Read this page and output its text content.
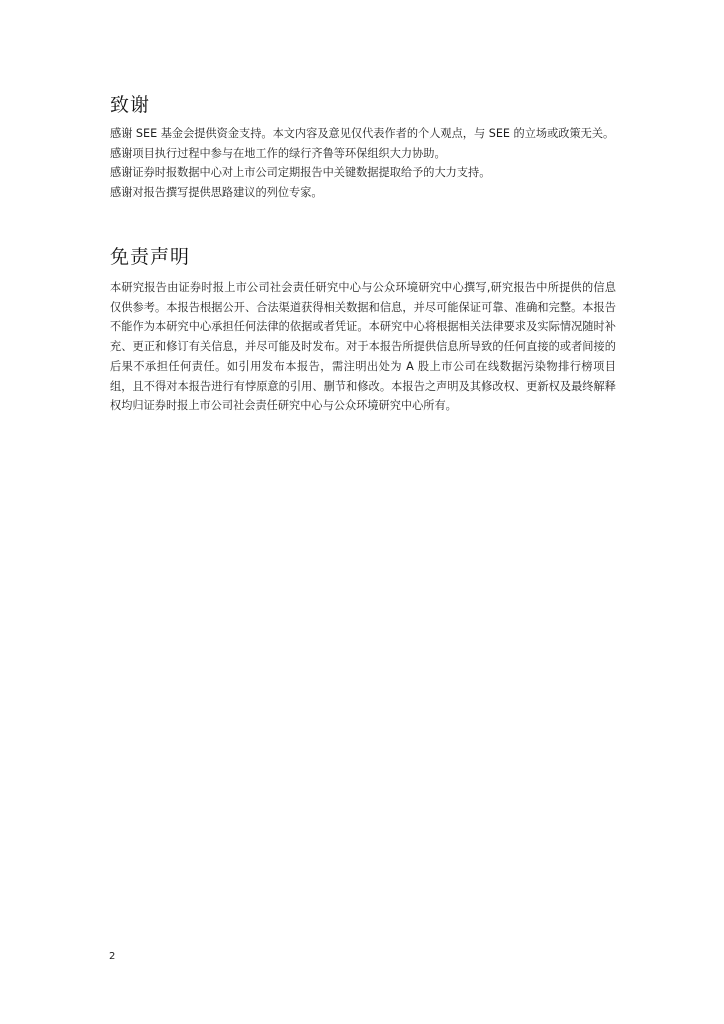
致谢

感谢 SEE 基金会提供资金支持。本文内容及意见仅代表作者的个人观点，与 SEE 的立场或政策无关。

感谢项目执行过程中参与在地工作的绿行齐鲁等环保组织大力协助。

感谢证券时报数据中心对上市公司定期报告中关键数据提取给予的大力支持。

感谢对报告撰写提供思路建议的列位专家。

免责声明

本研究报告由证券时报上市公司社会责任研究中心与公众环境研究中心撰写,研究报告中所提供的信息仅供参考。本报告根据公开、合法渠道获得相关数据和信息，并尽可能保证可靠、准确和完整。本报告不能作为本研究中心承担任何法律的依据或者凭证。本研究中心将根据相关法律要求及实际情况随时补充、更正和修订有关信息，并尽可能及时发布。对于本报告所提供信息所导致的任何直接的或者间接的后果不承担任何责任。如引用发布本报告，需注明出处为 A 股上市公司在线数据污染物排行榜项目组，且不得对本报告进行有悖原意的引用、删节和修改。本报告之声明及其修改权、更新权及最终解释权均归证券时报上市公司社会责任研究中心与公众环境研究中心所有。

2
